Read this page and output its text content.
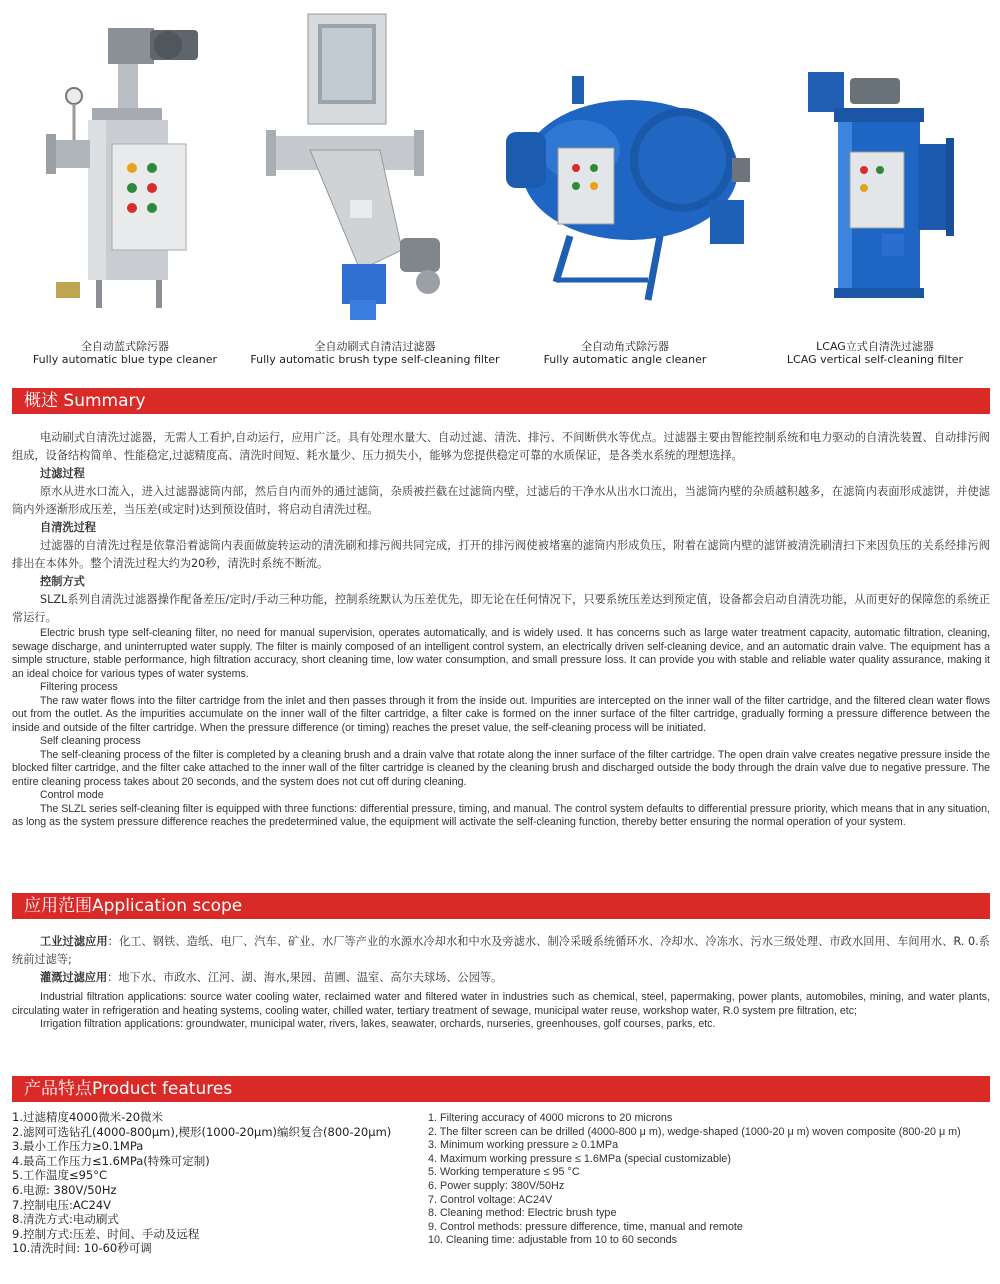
全自动蓝式除污器
Fully automatic blue type cleaner
全自动刷式自清洁过滤器
Fully automatic brush type self-cleaning filter
全自动角式除污器
Fully automatic angle cleaner
LCAG立式自清洗过滤器
LCAG vertical self-cleaning filter
概述 Summary

电动刷式自清洗过滤器，无需人工看护,自动运行，应用广泛。具有处理水量大、自动过滤、清洗、排污、不间断供水等优点。过滤器主要由智能控制系统和电力驱动的自清洗装置、自动排污阀组成，设备结构简单、性能稳定,过滤精度高、清洗时间短、耗水量少、压力损失小，能够为您提供稳定可靠的水质保证，是各类水系统的理想选择。

过滤过程

原水从进水口流入，进入过滤器滤筒内部，然后自内而外的通过滤筒，杂质被拦截在过滤筒内壁，过滤后的干净水从出水口流出，当滤筒内壁的杂质越积越多，在滤筒内表面形成滤饼，并使滤筒内外逐渐形成压差，当压差(或定时)达到预设值时，将启动自清洗过程。

自清洗过程

过滤器的自清洗过程是依靠沿着滤筒内表面做旋转运动的清洗刷和排污阀共同完成，打开的排污阀使被堵塞的滤筒内形成负压，附着在滤筒内壁的滤饼被清洗刷清扫下来因负压的关系经排污阀排出在本体外。整个清洗过程大约为20秒，清洗时系统不断流。

控制方式

SLZL系列自清洗过滤器操作配备差压/定时/手动三种功能，控制系统默认为压差优先，即无论在任何情况下，只要系统压差达到预定值，设备都会启动自清洗功能，从而更好的保障您的系统正常运行。

Electric brush type self-cleaning filter, no need for manual supervision, operates automatically, and is widely used. It has concerns such as large water treatment capacity, automatic filtration, cleaning, sewage discharge, and uninterrupted water supply. The filter is mainly composed of an intelligent control system, an electrically driven self-cleaning device, and an automatic drain valve. The equipment has a simple structure, stable performance, high filtration accuracy, short cleaning time, low water consumption, and small pressure loss. It can provide you with stable and reliable water quality assurance, making it an ideal choice for various types of water systems.

Filtering process

The raw water flows into the filter cartridge from the inlet and then passes through it from the inside out. Impurities are intercepted on the inner wall of the filter cartridge, and the filtered clean water flows out from the outlet. As the impurities accumulate on the inner wall of the filter cartridge, a filter cake is formed on the inner surface of the filter cartridge, gradually forming a pressure difference between the inside and outside of the filter cartridge. When the pressure difference (or timing) reaches the preset value, the self-cleaning process will be initiated.

Self cleaning process

The self-cleaning process of the filter is completed by a cleaning brush and a drain valve that rotate along the inner surface of the filter cartridge. The open drain valve creates negative pressure inside the blocked filter cartridge, and the filter cake attached to the inner wall of the filter cartridge is cleaned by the cleaning brush and discharged outside the body through the drain valve due to negative pressure. The entire cleaning process takes about 20 seconds, and the system does not cut off during cleaning.

Control mode

The SLZL series self-cleaning filter is equipped with three functions: differential pressure, timing, and manual. The control system defaults to differential pressure priority, which means that in any situation, as long as the system pressure difference reaches the predetermined value, the equipment will activate the self-cleaning function, thereby better ensuring the normal operation of your system.

应用范围Application scope

工业过滤应用：化工、钢铁、造纸、电厂、汽车、矿业、水厂等产业的水源水冷却水和中水及旁滤水、制冷采暖系统循环水、冷却水、冷冻水、污水三级处理、市政水回用、车间用水、R. 0.系统前过滤等;

灌溉过滤应用：地下水、市政水、江河、湖、海水,果园、苗圃、温室、高尔夫球场、公园等。

Industrial filtration applications: source water cooling water, reclaimed water and filtered water in industries such as chemical, steel, papermaking, power plants, automobiles, mining, and water plants, circulating water in refrigeration and heating systems, cooling water, chilled water, tertiary treatment of sewage, municipal water reuse, workshop water, R.0 system pre filtration, etc;

Irrigation filtration applications: groundwater, municipal water, rivers, lakes, seawater, orchards, nurseries, greenhouses, golf courses, parks, etc.

产品特点Product features
1.过滤精度4000微米-20微米
2.滤网可选钻孔(4000-800μm),楔形(1000-20μm)编织复合(800-20μm)
3.最小工作压力≥0.1MPa
4.最高工作压力≤1.6MPa(特殊可定制)
5.工作温度≤95°C
6.电源: 380V/50Hz
7.控制电压:AC24V
8.清洗方式:电动刷式
9.控制方式:压差、时间、手动及远程
10.清洗时间: 10-60秒可调
1. Filtering accuracy of 4000 microns to 20 microns
2. The filter screen can be drilled (4000-800 μ m), wedge-shaped (1000-20 μ m) woven composite (800-20 μ m)
3. Minimum working pressure ≥ 0.1MPa
4. Maximum working pressure ≤ 1.6MPa (special customizable)
5. Working temperature ≤ 95 °C
6. Power supply: 380V/50Hz
7. Control voltage: AC24V
8. Cleaning method: Electric brush type
9. Control methods: pressure difference, time, manual and remote
10. Cleaning time: adjustable from 10 to 60 seconds
